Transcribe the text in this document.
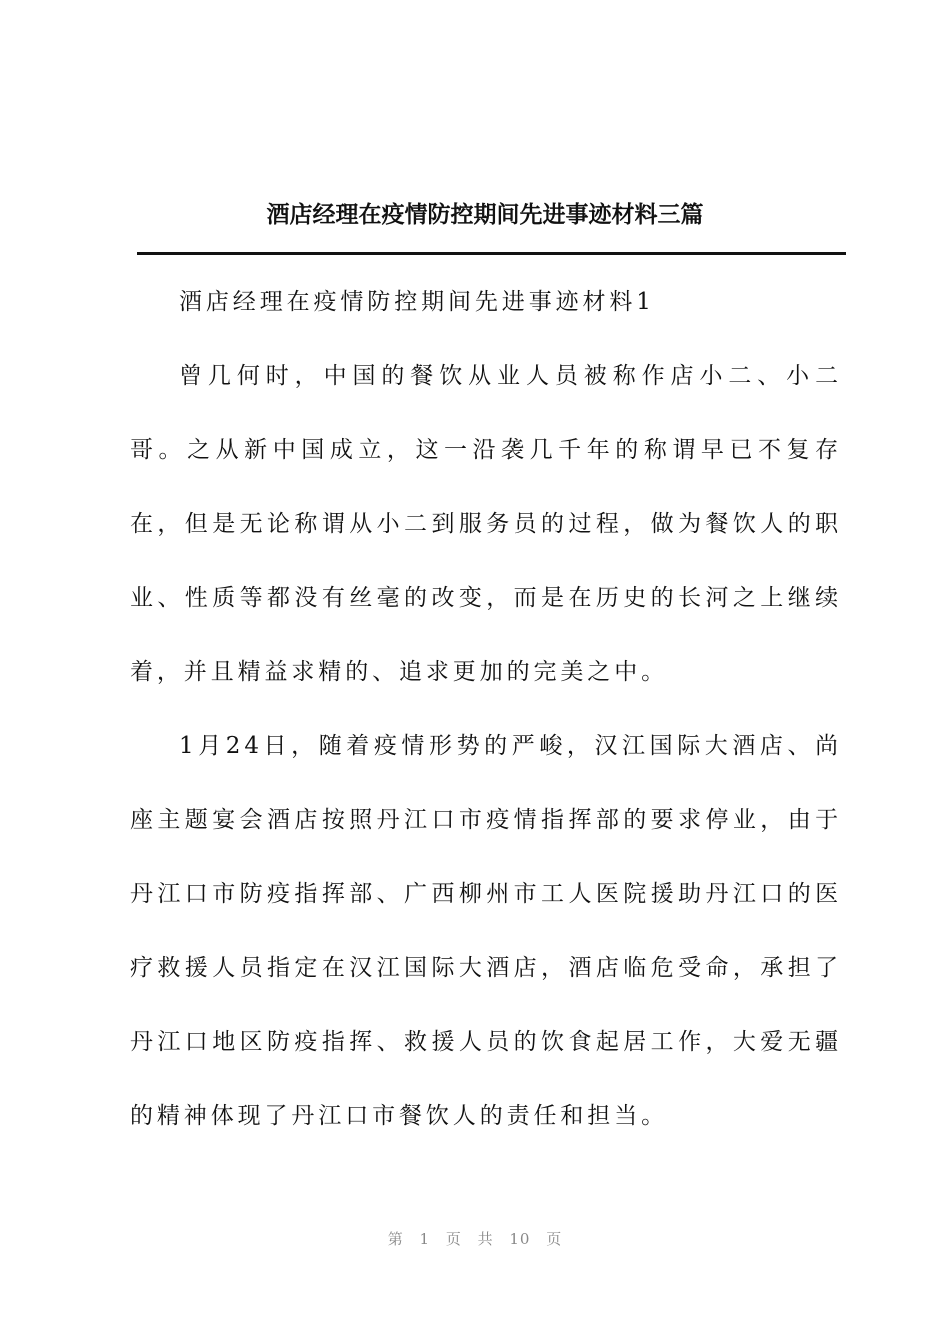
酒店经理在疫情防控期间先进事迹材料三篇

酒店经理在疫情防控期间先进事迹材料1

曾几何时，中国的餐饮从业人员被称作店小二、小二哥。之从新中国成立，这一沿袭几千年的称谓早已不复存在，但是无论称谓从小二到服务员的过程，做为餐饮人的职业、性质等都没有丝毫的改变，而是在历史的长河之上继续着，并且精益求精的、追求更加的完美之中。

1月24日，随着疫情形势的严峻，汉江国际大酒店、尚座主题宴会酒店按照丹江口市疫情指挥部的要求停业，由于丹江口市防疫指挥部、广西柳州市工人医院援助丹江口的医疗救援人员指定在汉江国际大酒店，酒店临危受命，承担了丹江口地区防疫指挥、救援人员的饮食起居工作，大爱无疆的精神体现了丹江口市餐饮人的责任和担当。

第 1 页 共 10 页
